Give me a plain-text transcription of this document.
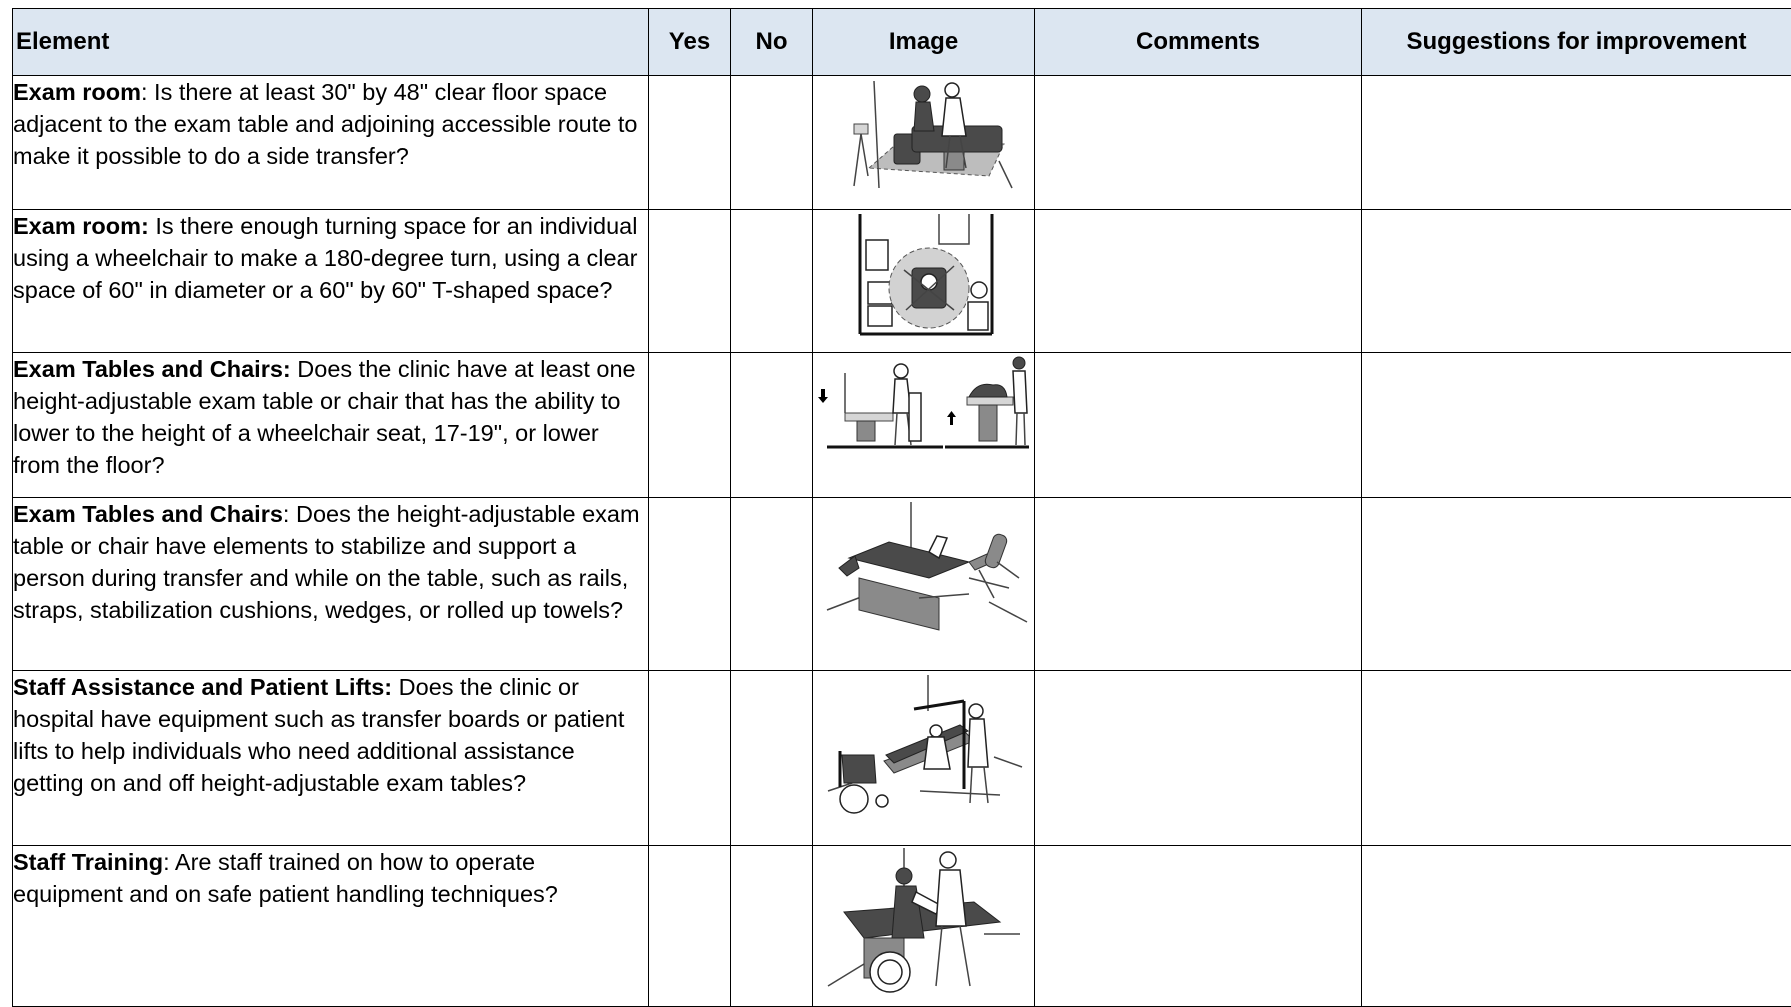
Element	Yes	No	Image	Comments	Suggestions for improvement
Exam room: Is there at least 30" by 48" clear floor space adjacent to the exam table and adjoining accessible route to make it possible to do a side transfer?			

Exam room: Is there enough turning space for an individual using a wheelchair to make a 180-degree turn, using a clear space of 60" in diameter or a 60" by 60" T-shaped space?			

Exam Tables and Chairs: Does the clinic have at least one height-adjustable exam table or chair that has the ability to lower to the height of a wheelchair seat, 17-19", or lower from the floor?			

Exam Tables and Chairs: Does the height-adjustable exam table or chair have elements to stabilize and support a person during transfer and while on the table, such as rails, straps, stabilization cushions, wedges, or rolled up towels?			

Staff Assistance and Patient Lifts: Does the clinic or hospital have equipment such as transfer boards or patient lifts to help individuals who need additional assistance getting on and off height-adjustable exam tables?			

Staff Training: Are staff trained on how to operate equipment and on safe patient handling techniques?			
